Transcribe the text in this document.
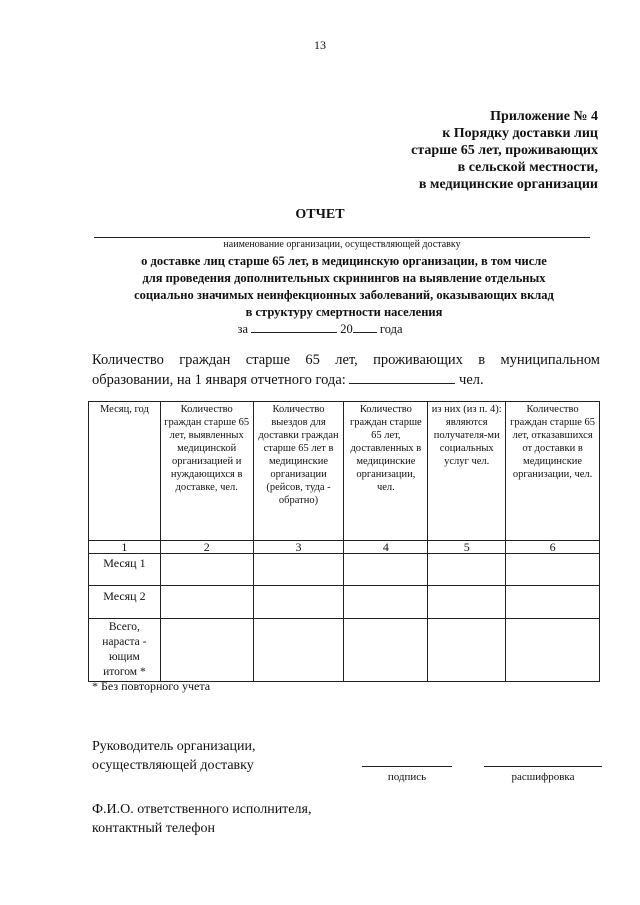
13
Приложение № 4
к Порядку доставки лиц
старше 65 лет, проживающих
в сельской местности,
в медицинские организации
ОТЧЕТ
наименование организации, осуществляющей доставку
о доставке лиц старше 65 лет, в медицинскую организации, в том числе
для проведения дополнительных скринингов на выявление отдельных
социально значимых неинфекционных заболеваний, оказывающих вклад
в структуру смертности населения
за	20 года
Количество граждан старше 65 лет, проживающих в муниципальном образовании, на 1 января отчетного года:	чел.
Месяц, год	Количество граждан старше 65 лет, выявленных медицинской организацией и нуждающихся в доставке, чел.	Количество выездов для доставки граждан старше 65 лет в медицинские организации (рейсов, туда - обратно)	Количество граждан старше 65 лет, доставленных в медицинские организации, чел.	из них (из п. 4): являются получателя-ми социальных услуг чел.	Количество граждан старше 65 лет, отказавшихся от доставки в медицинские организации, чел.
1	2	3	4	5	6
Месяц 1					
Месяц 2					
Всего, нараста - ющим итогом *					
* Без повторного учета
Руководитель организации,
осуществляющей доставку
подпись	расшифровка
Ф.И.О. ответственного исполнителя,
контактный телефон
